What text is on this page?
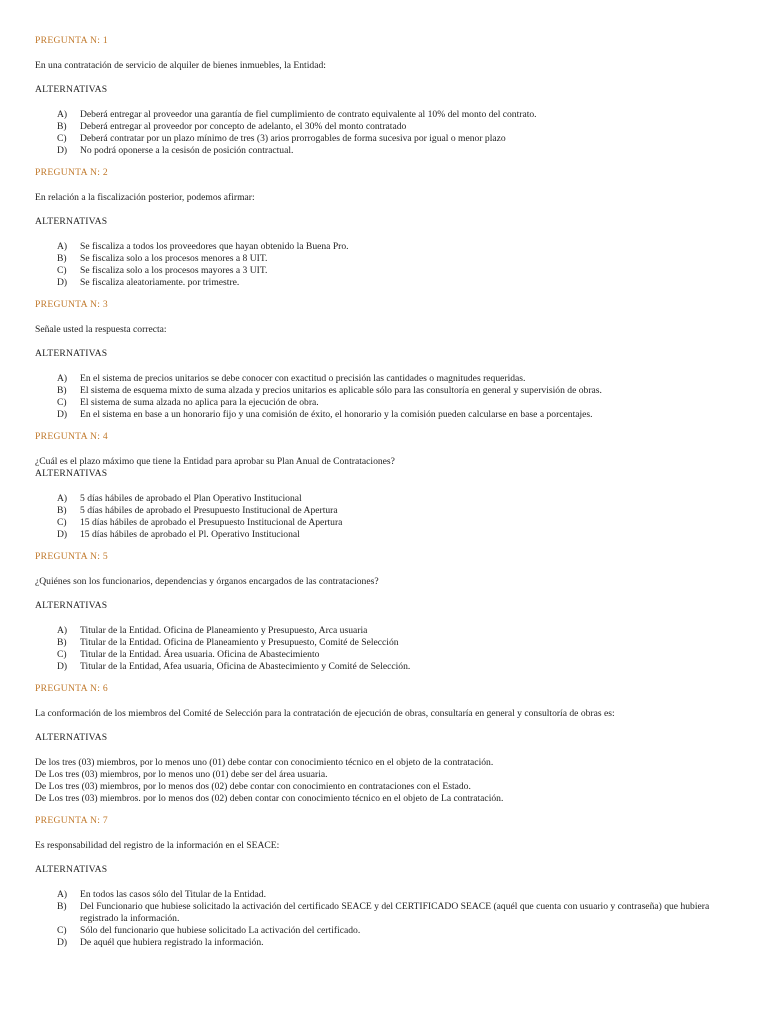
PREGUNTA N: 1
En una contratación de servicio de alquiler de bienes inmuebles, la Entidad:
ALTERNATIVAS
A) Deberá entregar al proveedor una garantía de fiel cumplimiento de contrato equivalente al 10% del monto del contrato.
B) Deberá entregar al proveedor por concepto de adelanto, el 30% del monto contratado
C) Deberá contratar por un plazo mínimo de tres (3) arios prorrogables de forma sucesiva por igual o menor plazo
D) No podrá oponerse a la cesisón de posición contractual.
PREGUNTA N: 2
En relación a la fiscalización posterior, podemos afirmar:
ALTERNATIVAS
A) Se fiscaliza a todos los proveedores que hayan obtenido la Buena Pro.
B) Se fiscaliza solo a los procesos menores a 8 UIT.
C) Se fiscaliza solo a los procesos mayores a 3 UIT.
D) Se fiscaliza aleatoriamente. por trimestre.
PREGUNTA N: 3
Señale usted la respuesta correcta:
ALTERNATIVAS
A) En el sistema de precios unitarios se debe conocer con exactitud o precisión las cantidades o magnitudes requeridas.
B) El sistema de esquema mixto de suma alzada y precios unitarios es aplicable sólo para las consultoría en general y supervisión de obras.
C) El sistema de suma alzada no aplica para la ejecución de obra.
D) En el sistema en base a un honorario fijo y una comisión de éxito, el honorario y la comisión pueden calcularse en base a porcentajes.
PREGUNTA N: 4
¿Cuál es el plazo máximo que tiene la Entidad para aprobar su Plan Anual de Contrataciones?
ALTERNATIVAS
A) 5 días hábiles de aprobado el Plan Operativo Institucional
B) 5 días hábiles de aprobado el Presupuesto Institucional de Apertura
C) 15 días hábiles de aprobado el Presupuesto Institucional de Apertura
D) 15 días hábiles de aprobado el Pl. Operativo Institucional
PREGUNTA N: 5
¿Quiénes son los funcionarios, dependencias y órganos encargados de las contrataciones?
ALTERNATIVAS
A) Titular de la Entidad. Oficina de Planeamiento y Presupuesto, Arca usuaria
B) Titular de la Entidad. Oficina de Planeamiento y Presupuesto, Comité de Selección
C) Titular de la Entidad. Área usuaria. Oficina de Abastecimiento
D) Titular de la Entidad, Afea usuaria, Oficina de Abastecimiento y Comité de Selección.
PREGUNTA N: 6
La conformación de los miembros del Comité de Selección para la contratación de ejecución de obras, consultaría en general y consultoría de obras es:
ALTERNATIVAS
De los tres (03) miembros, por lo menos uno (01) debe contar con conocimiento técnico en el objeto de la contratación.
De Los tres (03) miembros, por lo menos uno (01) debe ser del área usuaria.
De Los tres (03) miembros, por lo menos dos (02) debe contar con conocimiento en contrataciones con el Estado.
De Los tres (03) miembros. por lo menos dos (02) deben contar con conocimiento técnico en el objeto de La contratación.
PREGUNTA N: 7
Es responsabilidad del registro de la información en el SEACE:
ALTERNATIVAS
A) En todos las casos sólo del Titular de la Entidad.
B) Del Funcionario que hubiese solicitado la activación del certificado SEACE y del CERTIFICADO SEACE (aquél que cuenta con usuario y contraseña) que hubiera registrado la información.
C) Sólo del funcionario que hubiese solicitado La activación del certificado.
D) De aquél que hubiera registrado la información.
